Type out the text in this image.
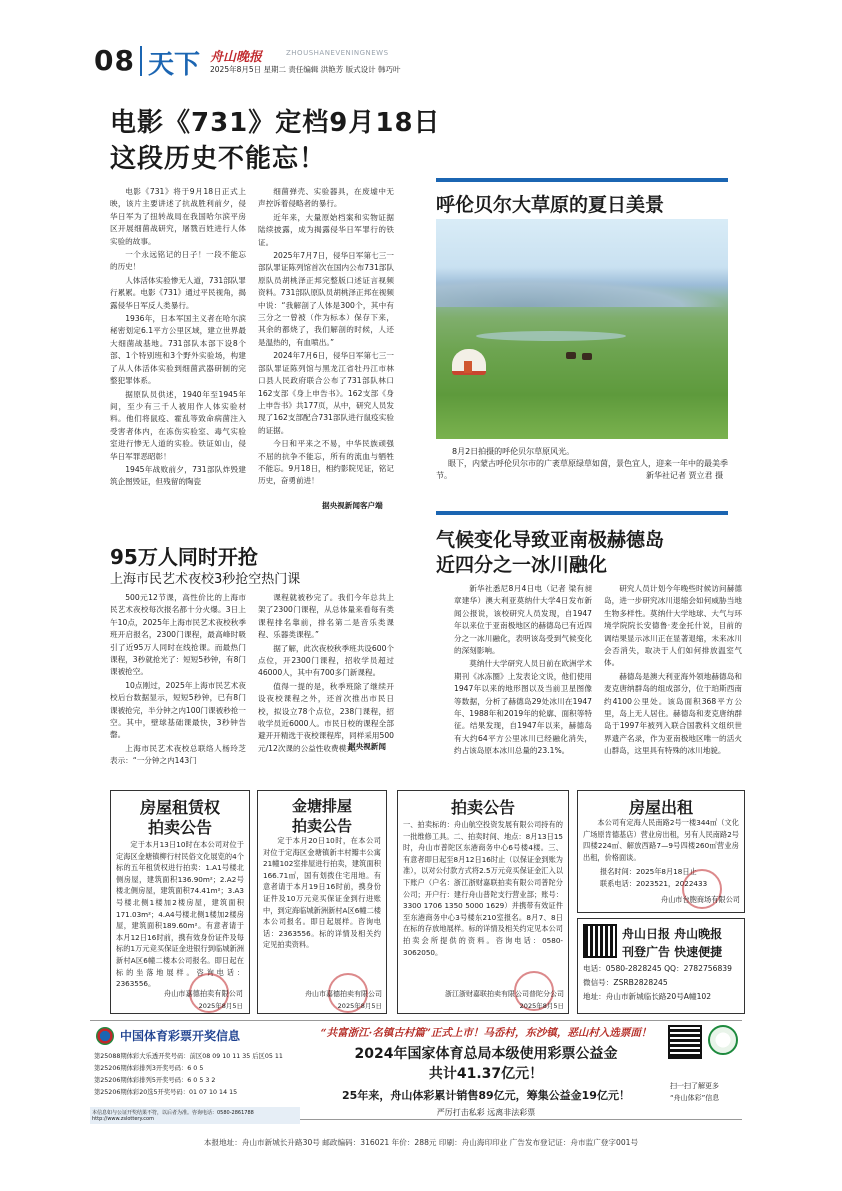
08 天下 舟山晚报	ZHOUSHANEVENINGNEWS
2025年8月5日 星期二 责任编辑 洪艳芳 版式设计 韩巧叶
电影《731》定档9月18日
这段历史不能忘！

电影《731》将于9月18日正式上映，该片主要讲述了抗战胜利前夕，侵华日军为了扭转战局在我国哈尔滨平房区开展细菌战研究，屠戮百姓进行人体实验的故事。

一个永远铭记的日子！一段不能忘的历史！

人体活体实验惨无人道，731部队罪行累累。电影《731》通过平民视角，揭露侵华日军反人类暴行。

1936年，日本军国主义者在哈尔滨秘密划定6.1平方公里区域，建立世界最大细菌战基地。731部队本部下设8个部、1个特别班和3个野外实验场，构建了从人体活体实验到细菌武器研制的完整犯罪体系。

据原队员供述，1940年至1945年间，至少有三千人被用作人体实验材料。他们将鼠疫、霍乱等致命病菌注入受害者体内，在冻伤实验室、毒气实验室进行惨无人道的实验。铁证如山，侵华日军罪恶昭彰！

1945年战败前夕，731部队炸毁建筑企图毁证，但残留的陶瓷

细菌弹壳、实验器具，在废墟中无声控诉着侵略者的暴行。

近年来，大量原始档案和实物证据陆续披露，成为揭露侵华日军罪行的铁证。

2025年7月7日，侵华日军第七三一部队罪证陈列馆首次在国内公布731部队原队员胡桃泽正邦完整版口述证言视频资料。731部队原队员胡桃泽正邦在视频中说：“我解剖了人体是300个，其中有三分之一曾被（作为标本）保存下来，其余的都烧了，我们解剖的时候，人还是温热的，有血喷出。”

2024年7月6日，侵华日军第七三一部队罪证陈列馆与黑龙江省牡丹江市林口县人民政府联合公布了731部队林口162支部《身上申告书》。162支部《身上申告书》共177页，从中，研究人员发现了162支部配合731部队进行鼠疫实验的证据。

今日和平来之不易，中华民族顽强不屈的抗争不能忘，所有的流血与牺牲不能忘。9月18日，相约影院见证，铭记历史，奋勇前进！

据央视新闻客户端
呼伦贝尔大草原的夏日美景
8月2日拍摄的呼伦贝尔草原风光。
眼下，内蒙古呼伦贝尔市的广袤草原绿草如茵，景色宜人，迎来一年中的最美季节。	新华社记者 贾立君 摄
95万人同时开抢
上海市民艺术夜校3秒抢空热门课

500元12节课，高性价比的上海市民艺术夜校每次报名都十分火爆。3日上午10点，2025年上海市民艺术夜校秋季班开启报名，2300门课程，最高峰时吸引了近95万人同时在线抢课。而最热门课程，3秒就抢光了：短短5秒钟，有8门课被抢空。

10点刚过，2025年上海市民艺术夜校后台数据显示，短短5秒钟，已有8门课被抢完，半分钟之内100门课被秒抢一空。其中，壁球基础课最快，3秒钟告罄。

上海市民艺术夜校总联络人杨玲芝表示：“一分钟之内143门

课程就被秒完了。我们今年总共上架了2300门课程，从总体量来看每有类课程排名靠前，排名第二是音乐类课程、乐器类课程。”

据了解，此次夜校秋季班共设600个点位，开2300门课程，招收学员超过46000人，其中有700多门新课程。

值得一提的是，秋季班除了继续开设夜校课程之外，还首次推出市民日校，拟设立78个点位，238门课程，招收学员近6000人。市民日校的课程全部避开开精选于夜校课程库，同样采用500元/12次课的公益性收费模式。

据央视新闻
气候变化导致亚南极赫德岛
近四分之一冰川融化

新华社悉尼8月4日电（记者 梁有昶 章建华）澳大利亚莫纳什大学4日发布新闻公报说，该校研究人员发现，自1947年以来位于亚南极地区的赫德岛已有近四分之一冰川融化，表明该岛受到气候变化的深刻影响。

莫纳什大学研究人员日前在欧洲学术期刊《冰冻圈》上发表论文说，他们使用1947年以来的地形图以及当前卫星图像等数据，分析了赫德岛29处冰川在1947年、1988年和2019年的轮廓、面积等特征。结果发现，自1947年以来，赫德岛有大约64平方公里冰川已经融化消失，约占该岛原本冰川总量的23.1%。

研究人员计划今年晚些时候访问赫德岛，进一步研究冰川退缩会如何威胁当地生物多样性。莫纳什大学地球、大气与环境学院院长安德鲁·麦金托什说，目前的调结果显示冰川正在显著退缩，未来冰川会否消失，取决于人们如何排放温室气体。

赫德岛是澳大利亚海外领地赫德岛和麦克唐纳群岛的组成部分，位于珀斯西南约4100公里处。该岛面积368平方公里，岛上无人居住。赫德岛和麦克唐纳群岛于1997年被列入联合国教科文组织世界遗产名录，作为亚南极地区唯一的活火山群岛，这里具有特殊的冰川地貌。

房屋租赁权
拍卖公告
定于本月13日10时在本公司对位于定海区金塘镇柳行村民俗文化展览的4个标的五年租赁权进行拍卖：1.A1号楼北侧房屋，建筑面积136.90m²；2.A2号楼北侧房屋，建筑面积74.41m²；3.A3号楼北侧1楼加2楼房屋，建筑面积171.03m²；4.A4号楼北侧1楼加2楼房屋，建筑面积189.60m²。有意者请于本月12日16时前，携有效身份证件及每标的1万元竞买保证金进银行到临城新洲新村A区6幢二楼本公司报名。即日起在标的坐落地展样。咨询电话：2363556。
舟山市嘉德拍卖有限公司
2025年8月5日
金塘排屋
拍卖公告
定于本月20日10时，在本公司对位于定海区金塘镇新丰村瓣丰公寓21幢102室排屋进行拍卖，建筑面积166.71㎡，国有划拨住宅用地。有意者请于本月19日16时前，携身份证件及10万元竞买保证金到行进账中，到定海临城新洲新村A区6幢二楼本公司报名。即日起展样。咨询电话：2363556。标的详情及相关约定见拍卖资料。
舟山市嘉德拍卖有限公司
2025年8月5日
拍卖公告
一、拍卖标的：舟山航空投资发展有限公司持有的一批维修工具。二、拍卖时间、地点：8月13日15时，舟山市普陀区东港商务中心6号楼4楼。三、有意者即日起至8月12日16时止（以保证金到账为准），以对公付款方式将2.5万元竞买保证金汇入以下账户（户名：浙江浙财嘉联拍卖有限公司普陀分公司；开户行：建行舟山普陀支行营业部；账号：3300 1706 1350 5000 1629）并携带有效证件至东港商务中心3号楼东210室报名。8月7、8日在标的存放地展样。标的详情及相关约定见本公司拍卖会所提供的资料。咨询电话：0580-3062050。
浙江浙财嘉联拍卖有限公司普陀分公司
2025年8月5日
房屋出租
本公司有定海人民南路2号一楼344㎡（文化广场原肯德基店）营业房出租，另有人民南路2号四楼224㎡、解放西路7—9号四楼260㎡营业房出租，价格面谈。
报名时间：2025年8月18日止
联系电话：2023521，2022433
舟山市台胞商场有限公司
舟山日报 舟山晚报
刊登广告 快速便捷
电话：0580-2828245 QQ：2782756839
微信号：ZSRB2828245
地址：舟山市新城临长路20号A幢102
中国体育彩票开奖信息
第25088期体彩大乐透开奖号码：前区08 09 10 11 35 后区05 11
第25206期体彩排列3开奖号码：6 0 5
第25206期体彩排列5开奖号码：6 0 5 3 2
第25206期体彩20选5开奖号码：01 07 10 14 15
本信息如与公证开奖结果不符，以后者为准。咨询电话：0580-2861788 http://www.zslottery.com
“共富浙江·名镇古村篇”正式上市！马岙村，东沙镇，恶山村入选票面！
2024年国家体育总局本级使用彩票公益金
共计41.37亿元！
25年来，舟山体彩累计销售89亿元，筹集公益金19亿元！
严厉打击私彩 远离非法彩票
扫一扫了解更多
“舟山体彩”信息
本报地址：舟山市新城长升路30号 邮政编码：316021 年价：288元 印刷：舟山海印印业 广告发布登记证：舟市监广登字001号
